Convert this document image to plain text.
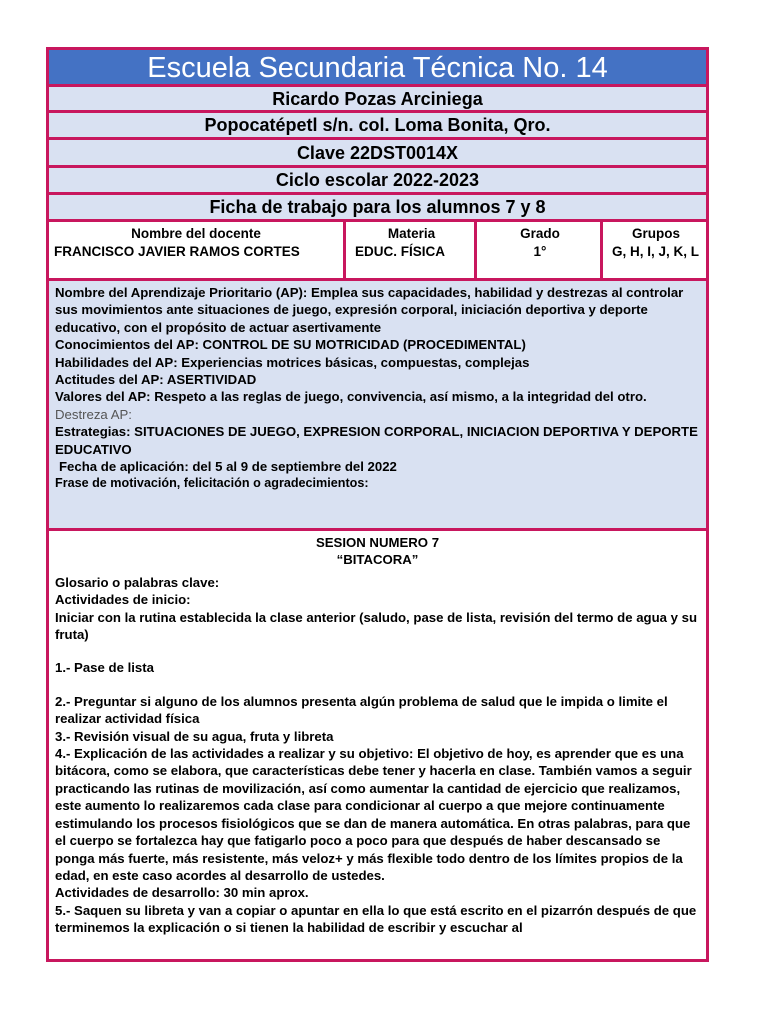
Escuela Secundaria Técnica No. 14
Ricardo Pozas Arciniega
Popocatépetl s/n. col. Loma Bonita, Qro.
Clave 22DST0014X
Ciclo escolar 2022-2023
Ficha de trabajo para los alumnos 7 y 8
Nombre del docente
FRANCISCO JAVIER RAMOS CORTES
Materia
EDUC. FÍSICA
Grado
1°
Grupos
G, H, I, J, K, L

Nombre del Aprendizaje Prioritario (AP): Emplea sus capacidades, habilidad y destrezas al controlar sus movimientos ante situaciones de juego, expresión corporal, iniciación deportiva y deporte educativo, con el propósito de actuar asertivamente

Conocimientos del AP: CONTROL DE SU MOTRICIDAD (PROCEDIMENTAL)

Habilidades del AP: Experiencias motrices básicas, compuestas, complejas

Actitudes del AP: ASERTIVIDAD

Valores del AP: Respeto a las reglas de juego, convivencia, así mismo, a la integridad del otro.

Destreza AP:

Estrategias: SITUACIONES DE JUEGO, EXPRESION CORPORAL, INICIACION DEPORTIVA Y DEPORTE EDUCATIVO

Fecha de aplicación: del 5 al 9 de septiembre del 2022

Frase de motivación, felicitación o agradecimientos:

SESION NUMERO 7

“BITACORA”

Glosario o palabras clave:

Actividades de inicio:

Iniciar con la rutina establecida la clase anterior (saludo, pase de lista, revisión del termo de agua y su fruta)

1.- Pase de lista

2.- Preguntar si alguno de los alumnos presenta algún problema de salud que le impida o limite el realizar actividad física

3.- Revisión visual de su agua, fruta y libreta

4.- Explicación de las actividades a realizar y su objetivo: El objetivo de hoy, es aprender que es una bitácora, como se elabora, que características debe tener y hacerla en clase. También vamos a seguir practicando las rutinas de movilización, así como aumentar la cantidad de ejercicio que realizamos, este aumento lo realizaremos cada clase para condicionar al cuerpo a que mejore continuamente estimulando los procesos fisiológicos que se dan de manera automática. En otras palabras, para que el cuerpo se fortalezca hay que fatigarlo poco a poco para que después de haber descansado se ponga más fuerte, más resistente, más veloz+ y más flexible todo dentro de los límites propios de la edad, en este caso acordes al desarrollo de ustedes.

Actividades de desarrollo: 30 min aprox.

5.- Saquen su libreta y van a copiar o apuntar en ella lo que está escrito en el pizarrón después de que terminemos la explicación o si tienen la habilidad de escribir y escuchar al
